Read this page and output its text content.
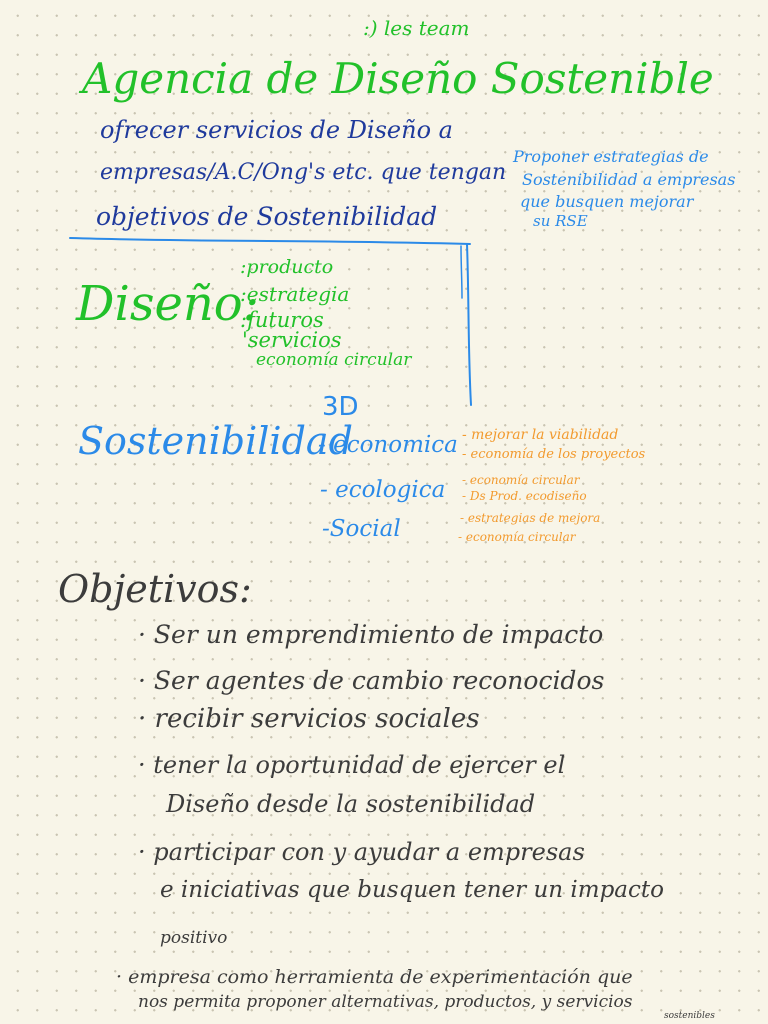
:) les team

Agencia de Diseño Sostenible

ofrecer servicios de Diseño a

empresas/A.C/Ong's etc. que tengan

objetivos de Sostenibilidad

Proponer estrategias de

Sostenibilidad a empresas

que busquen mejorar

su RSE

Diseño:

:producto

:estrategia

:futuros

'servicios

economía circular

3D

Sostenibilidad

- economica

- ecologica

-Social

- mejorar la viabilidad

- economía de los proyectos

- economía circular

- Ds Prod. ecodiseño

- estrategias de mejora

- economía circular

Objetivos:

· Ser un emprendimiento de impacto

· Ser agentes de cambio reconocidos

· recibir servicios sociales

· tener la oportunidad de ejercer el

Diseño desde la sostenibilidad

· participar con y ayudar a empresas

e iniciativas que busquen tener un impacto

positivo

· empresa como herramienta de experimentación que

nos permita proponer alternativas, productos, y servicios

sostenibles
